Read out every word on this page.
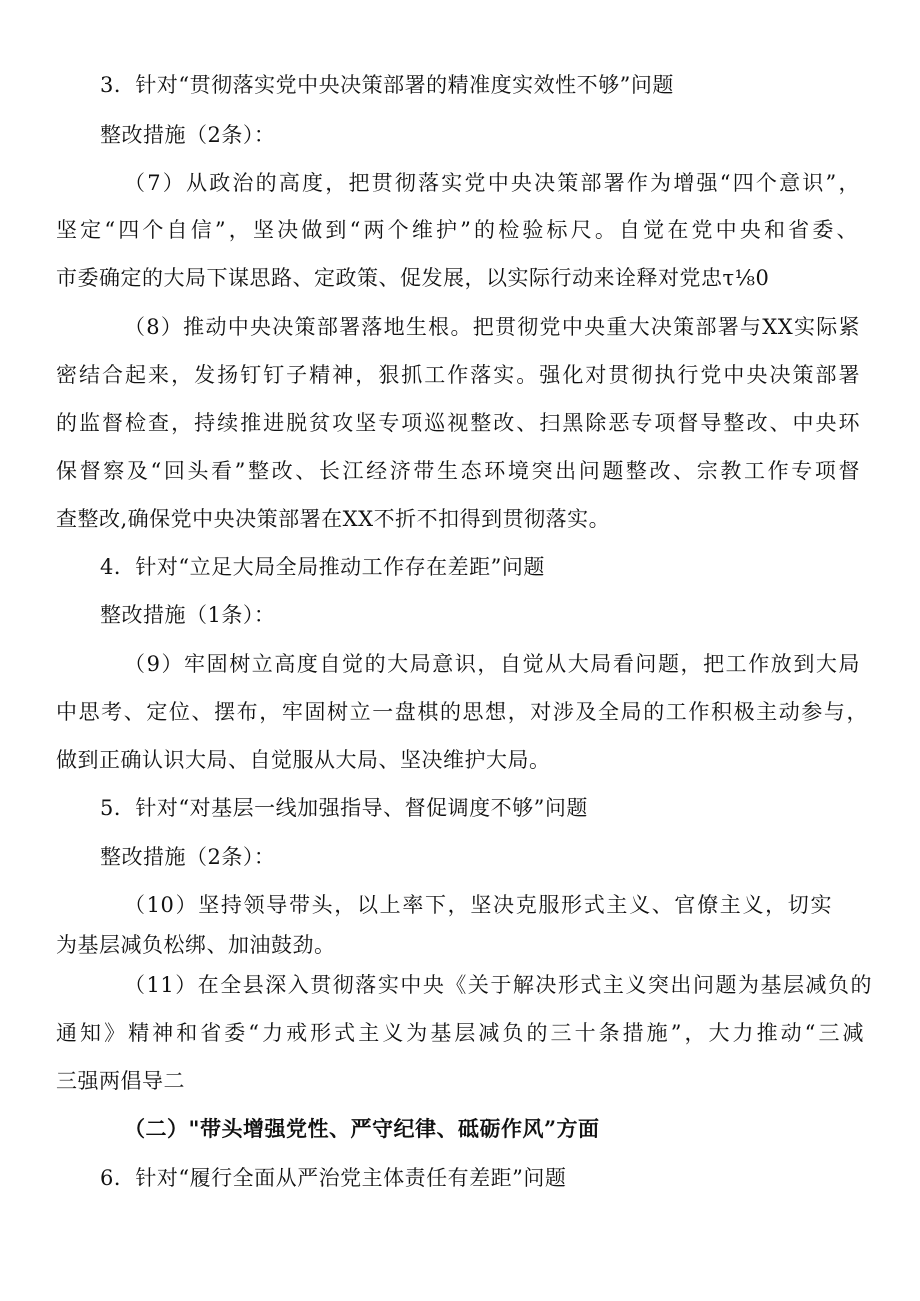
3．针对“贯彻落实党中央决策部署的精准度实效性不够”问题
整改措施（2条）：
（7）从政治的高度，把贯彻落实党中央决策部署作为增强“四个意识”，
坚定“四个自信”，坚决做到“两个维护”的检验标尺。自觉在党中央和省委、
市委确定的大局下谋思路、定政策、促发展，以实际行动来诠释对党忠τ⅛0
（8）推动中央决策部署落地生根。把贯彻党中央重大决策部署与XX实际紧
密结合起来，发扬钉钉子精神，狠抓工作落实。强化对贯彻执行党中央决策部署
的监督检查，持续推进脱贫攻坚专项巡视整改、扫黑除恶专项督导整改、中央环
保督察及“回头看”整改、长江经济带生态环境突出问题整改、宗教工作专项督
查整改,确保党中央决策部署在XX不折不扣得到贯彻落实。
4．针对“立足大局全局推动工作存在差距”问题
整改措施（1条）：
（9）牢固树立高度自觉的大局意识，自觉从大局看问题，把工作放到大局
中思考、定位、摆布，牢固树立一盘棋的思想，对涉及全局的工作积极主动参与，
做到正确认识大局、自觉服从大局、坚决维护大局。
5．针对“对基层一线加强指导、督促调度不够”问题
整改措施（2条）：
（10）坚持领导带头，以上率下，坚决克服形式主义、官僚主义，切实
为基层减负松绑、加油鼓劲。
（11）在全县深入贯彻落实中央《关于解决形式主义突出问题为基层减负的
通知》精神和省委“力戒形式主义为基层减负的三十条措施”，大力推动“三减
三强两倡导二
（二）"带头增强党性、严守纪律、砥砺作风”方面
6．针对“履行全面从严治党主体责任有差距”问题
